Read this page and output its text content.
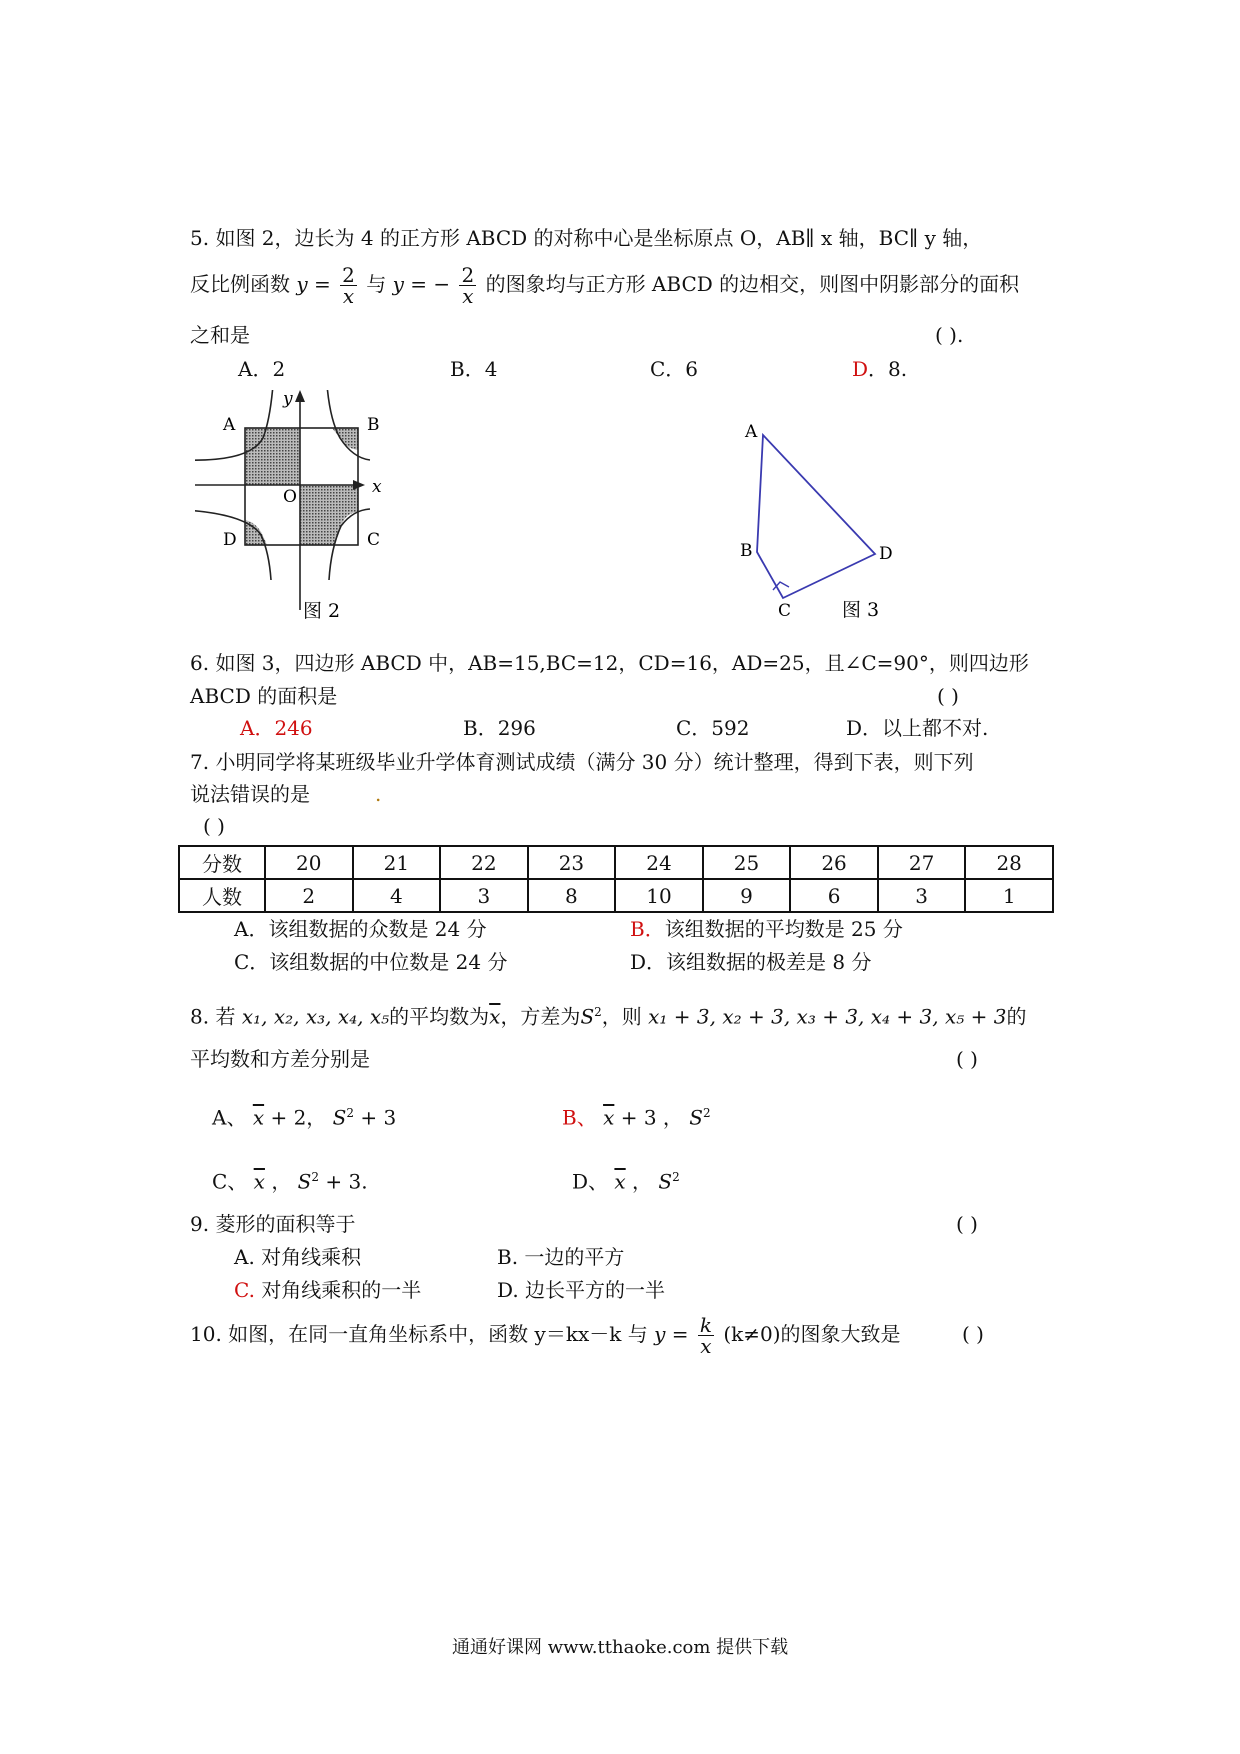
5. 如图 2，边长为 4 的正方形 ABCD 的对称中心是坐标原点 O，AB∥ x 轴，BC∥ y 轴，
反比例函数 $y = \frac{2}{x}$ 与 y = − $\frac{2}{x}$ 的图象均与正方形 ABCD 的边相交，则图中阴影部分的面积
之和是	( ).
A．2	B．4	C．6	D．8.
A	B
O	x
y
D	C
图 2
A
B
C
D
图 3
6. 如图 3，四边形 ABCD 中，AB=15,BC=12，CD=16，AD=25，且∠C=90°，则四边形
ABCD 的面积是	( )
A．246	B．296	C．592	D．以上都不对.
7. 小明同学将某班级毕业升学体育测试成绩（满分 30 分）统计整理，得到下表，则下列
说法错误的是	.
( )
分数	20	21	22	23	24	25	26	27	28
人数	2	4	3	8	10	9	6	3	1
A．该组数据的众数是 24 分	B．该组数据的平均数是 25 分
C．该组数据的中位数是 24 分	D．该组数据的极差是 8 分
8. 若 x₁, x₂, x₃, x₄, x₅的平均数为$\overline{x}$，方差为$S^2$，则 x₁ + 3, x₂ + 3, x₃ + 3, x₄ + 3, x₅ + 3的
平均数和方差分别是	( )
A、 $\overline{x} + 2$， $S^2 + 3$	B、 $\overline{x} + 3$ ， $S^2$
C、 $\overline{x}$ ， $S^2 + 3$.	D、 $\overline{x}$ ， $S^2$
9. 菱形的面积等于	( )
A. 对角线乘积	B. 一边的平方
C. 对角线乘积的一半	D. 边长平方的一半
10. 如图，在同一直角坐标系中，函数 y＝kx－k 与 $y = \frac{k}{x} (k\ne 0)$的图象大致是	( )
通通好课网 www.tthaoke.com 提供下载
